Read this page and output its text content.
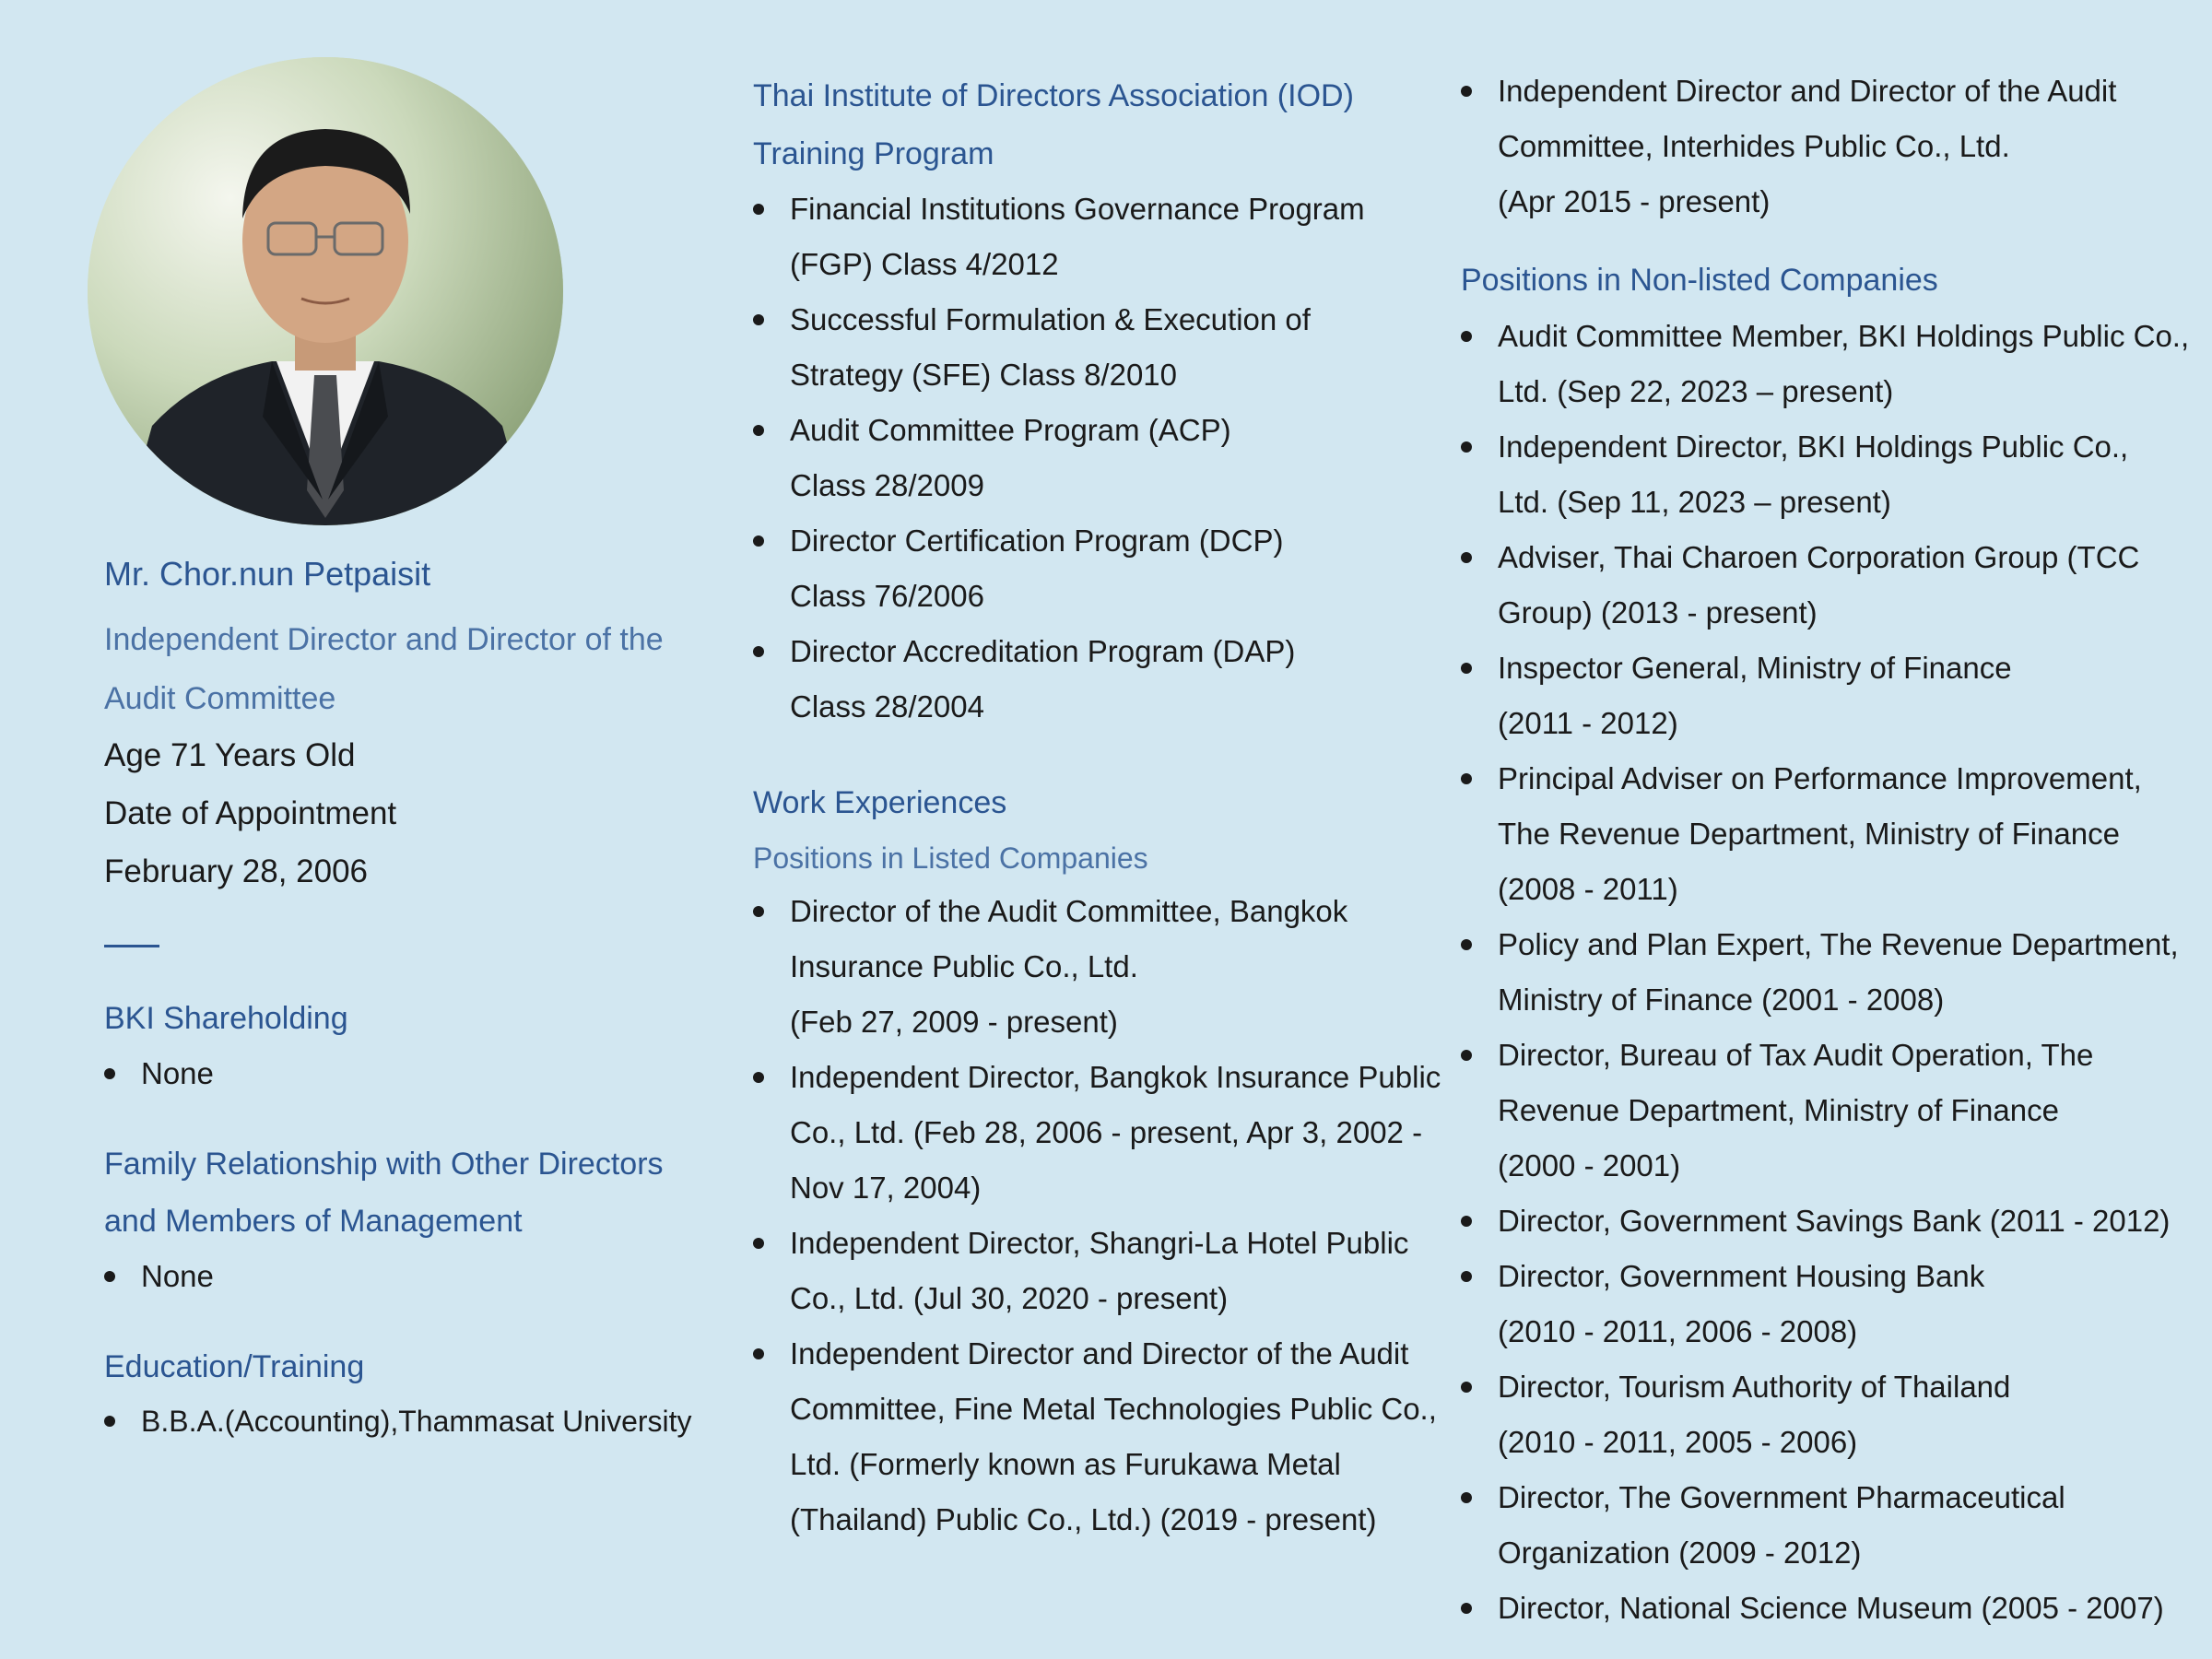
Mr. Chor.nun Petpaisit
Independent Director and Director of the Audit Committee
Age 71 Years Old
Date of Appointment
February 28, 2006
BKI Shareholding
None
Family Relationship with Other Directors
and Members of Management
None
Education/Training
B.B.A.(Accounting),Thammasat University
Thai Institute of Directors Association (IOD)
Training Program
Financial Institutions Governance Program
(FGP) Class 4/2012
Successful Formulation & Execution of
Strategy (SFE) Class 8/2010
Audit Committee Program (ACP)
Class 28/2009
Director Certification Program (DCP)
Class 76/2006
Director Accreditation Program (DAP)
Class 28/2004
Work Experiences
Positions in Listed Companies
Director of the Audit Committee, Bangkok
Insurance Public Co., Ltd.
(Feb 27, 2009 - present)
Independent Director, Bangkok Insurance Public
Co., Ltd. (Feb 28, 2006 - present, Apr 3, 2002 -
Nov 17, 2004)
Independent Director, Shangri-La Hotel Public
Co., Ltd. (Jul 30, 2020 - present)
Independent Director and Director of the Audit
Committee, Fine Metal Technologies Public Co.,
Ltd. (Formerly known as Furukawa Metal
(Thailand) Public Co., Ltd.) (2019 - present)
Independent Director and Director of the Audit
Committee, Interhides Public Co., Ltd.
(Apr 2015 - present)
Positions in Non-listed Companies
Audit Committee Member, BKI Holdings Public Co.,
Ltd. (Sep 22, 2023 – present)
Independent Director, BKI Holdings Public Co.,
Ltd. (Sep 11, 2023 – present)
Adviser, Thai Charoen Corporation Group (TCC
Group) (2013 - present)
Inspector General, Ministry of Finance
(2011 - 2012)
Principal Adviser on Performance Improvement,
The Revenue Department, Ministry of Finance
(2008 - 2011)
Policy and Plan Expert, The Revenue Department,
Ministry of Finance (2001 - 2008)
Director, Bureau of Tax Audit Operation, The
Revenue Department, Ministry of Finance
(2000 - 2001)
Director, Government Savings Bank (2011 - 2012)
Director, Government Housing Bank
(2010 - 2011, 2006 - 2008)
Director, Tourism Authority of Thailand
(2010 - 2011, 2005 - 2006)
Director, The Government Pharmaceutical
Organization (2009 - 2012)
Director, National Science Museum (2005 - 2007)
